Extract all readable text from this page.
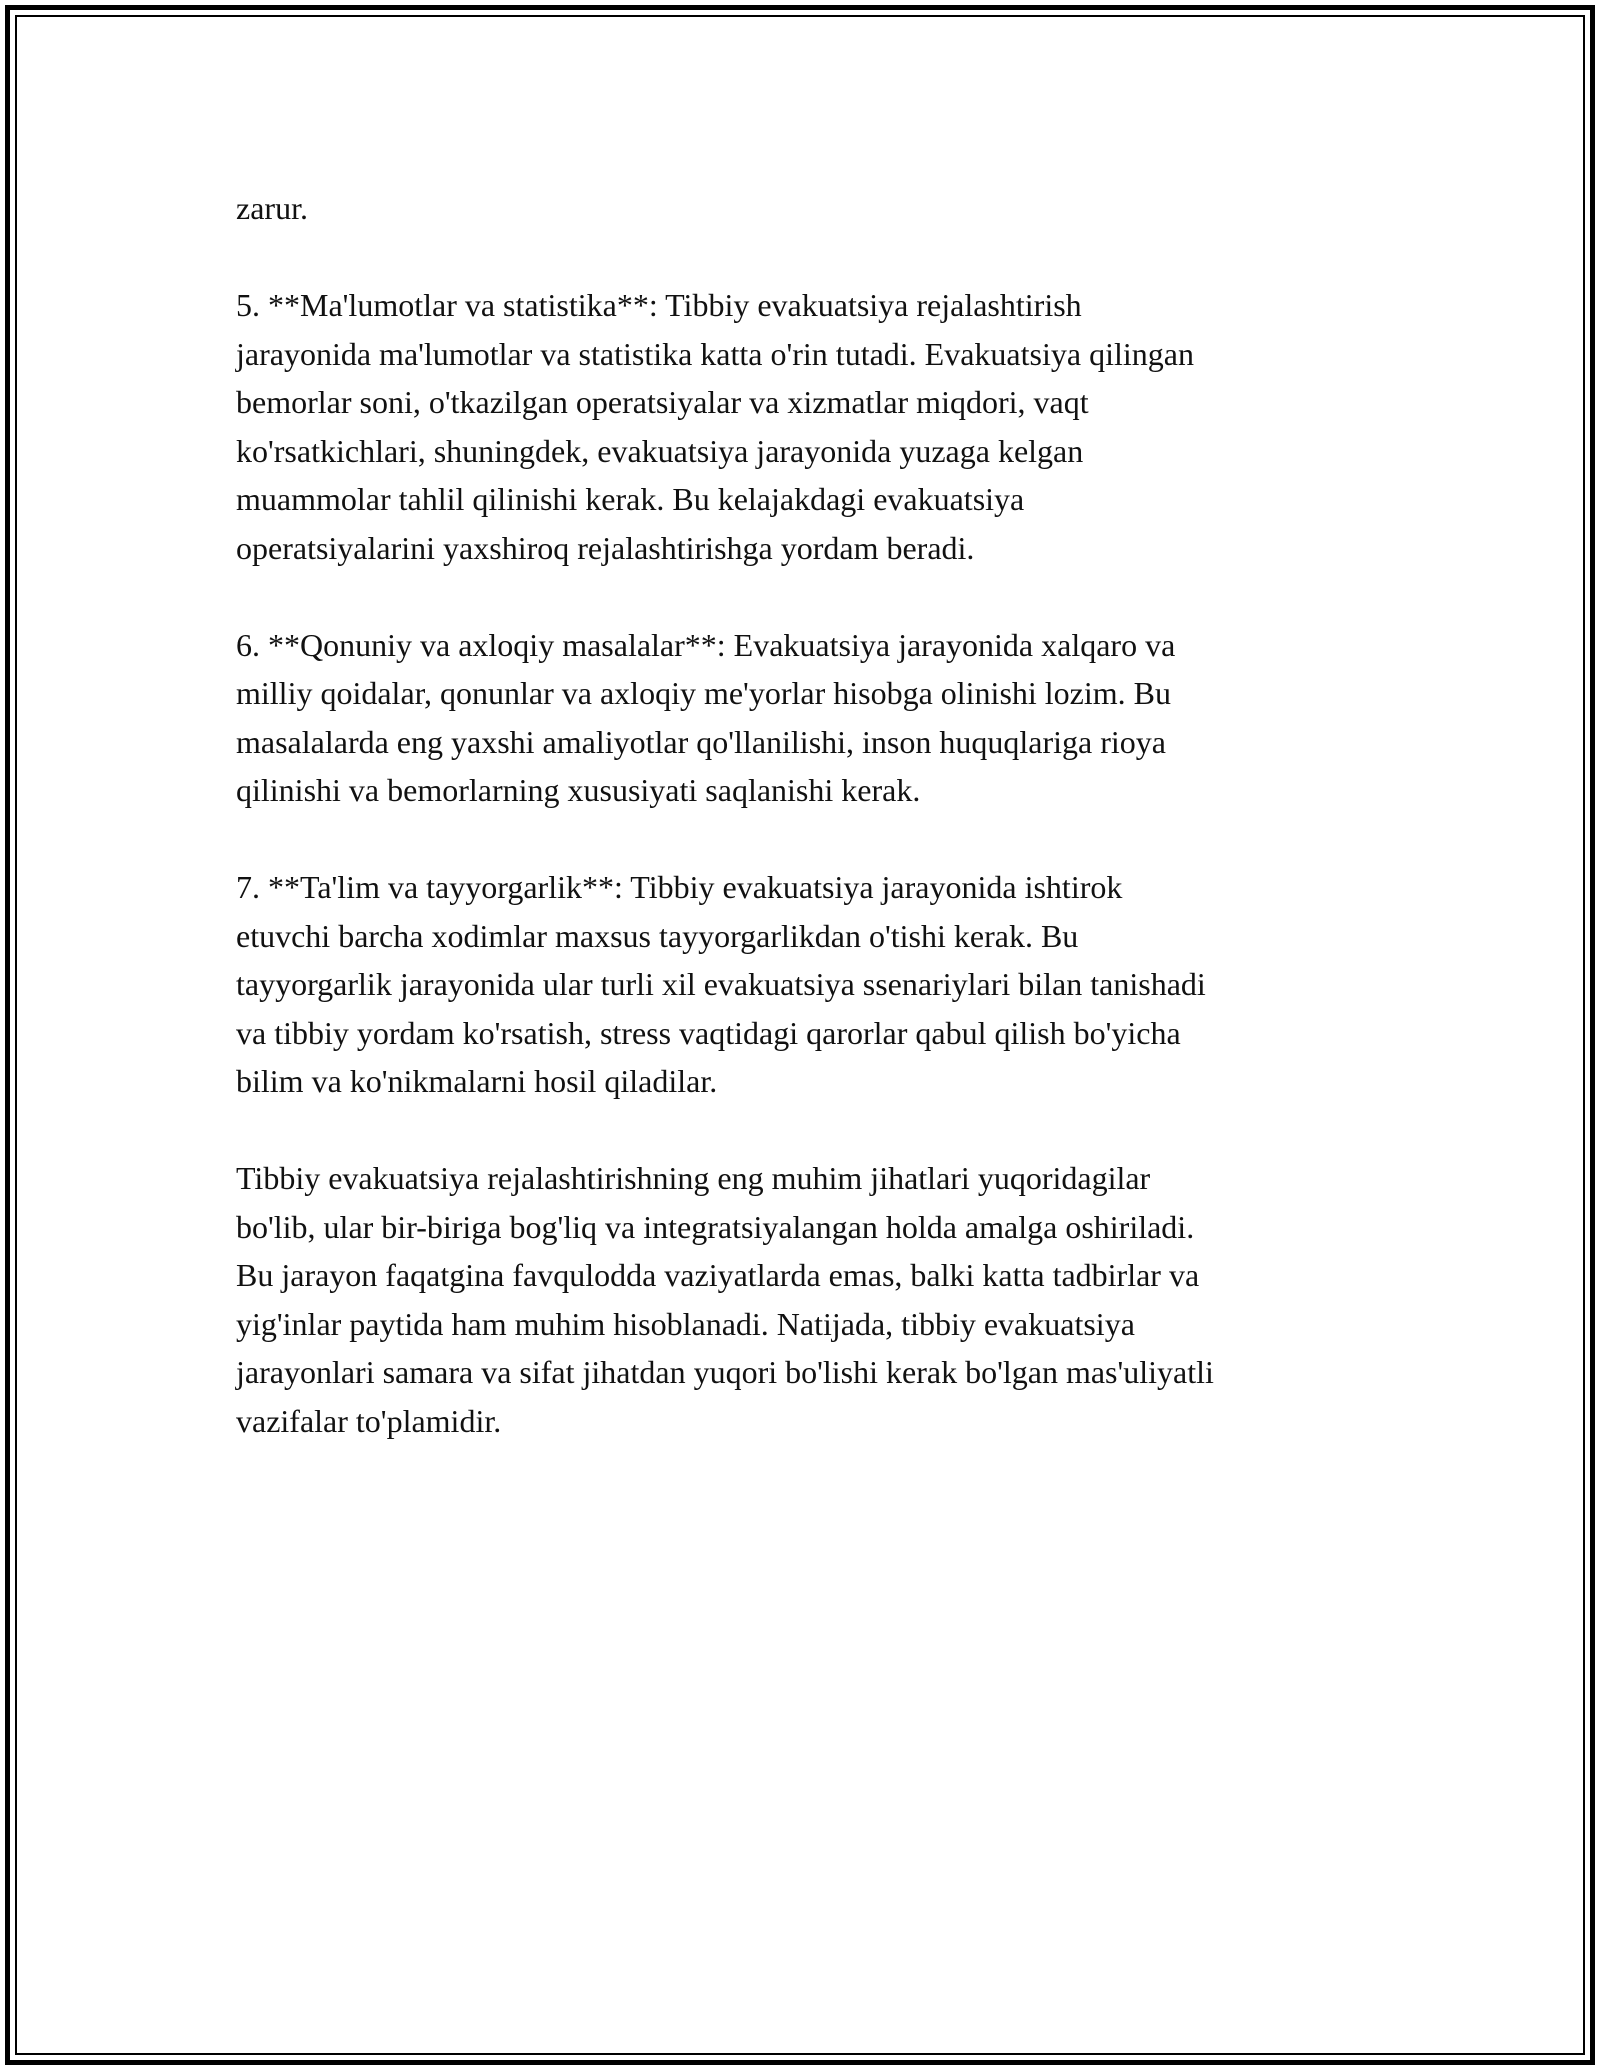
zarur.

5. **Ma'lumotlar va statistika**: Tibbiy evakuatsiya rejalashtirish
jarayonida ma'lumotlar va statistika katta o'rin tutadi. Evakuatsiya qilingan
bemorlar soni, o'tkazilgan operatsiyalar va xizmatlar miqdori, vaqt
ko'rsatkichlari, shuningdek, evakuatsiya jarayonida yuzaga kelgan
muammolar tahlil qilinishi kerak. Bu kelajakdagi evakuatsiya
operatsiyalarini yaxshiroq rejalashtirishga yordam beradi.

6. **Qonuniy va axloqiy masalalar**: Evakuatsiya jarayonida xalqaro va
milliy qoidalar, qonunlar va axloqiy me'yorlar hisobga olinishi lozim. Bu
masalalarda eng yaxshi amaliyotlar qo'llanilishi, inson huquqlariga rioya
qilinishi va bemorlarning xususiyati saqlanishi kerak.

7. **Ta'lim va tayyorgarlik**: Tibbiy evakuatsiya jarayonida ishtirok
etuvchi barcha xodimlar maxsus tayyorgarlikdan o'tishi kerak. Bu
tayyorgarlik jarayonida ular turli xil evakuatsiya ssenariylari bilan tanishadi
va tibbiy yordam ko'rsatish, stress vaqtidagi qarorlar qabul qilish bo'yicha
bilim va ko'nikmalarni hosil qiladilar.

Tibbiy evakuatsiya rejalashtirishning eng muhim jihatlari yuqoridagilar
bo'lib, ular bir-biriga bog'liq va integratsiyalangan holda amalga oshiriladi.
Bu jarayon faqatgina favqulodda vaziyatlarda emas, balki katta tadbirlar va
yig'inlar paytida ham muhim hisoblanadi. Natijada, tibbiy evakuatsiya
jarayonlari samara va sifat jihatdan yuqori bo'lishi kerak bo'lgan mas'uliyatli
vazifalar to'plamidir.
